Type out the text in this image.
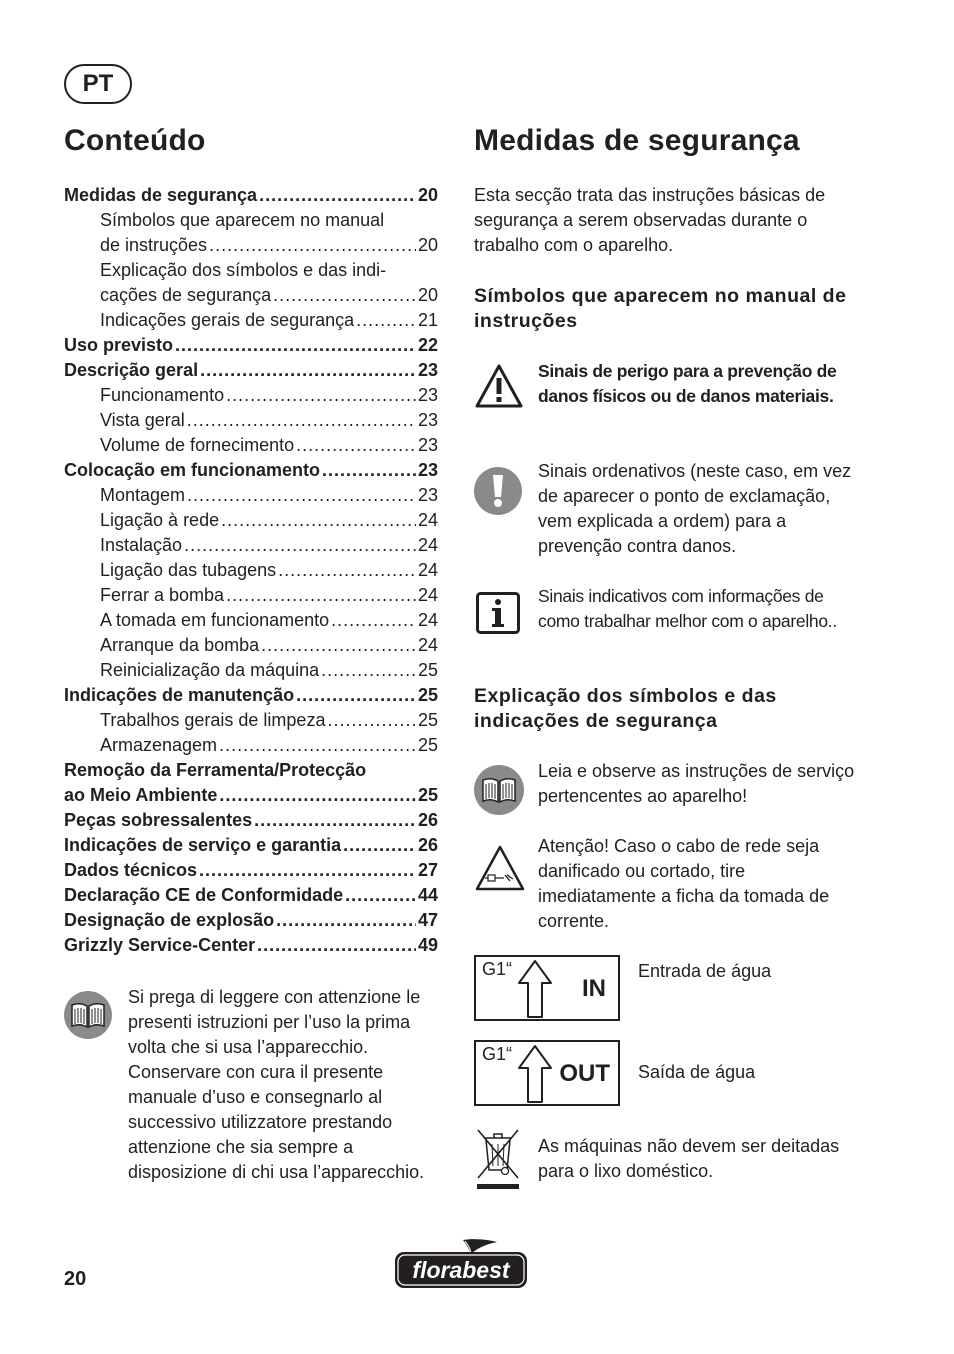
PT
Conteúdo	Medidas de segurança
Medidas de segurança .....	20
Símbolos que aparecem no manual
de instruções .....	20
Explicação dos símbolos e das indi-
cações de segurança .....	20
Indicações gerais de segurança .....	21
Uso previsto .....	22
Descrição geral .....	23
Funcionamento .....	23
Vista geral .....	23
Volume de fornecimento .....	23
Colocação em funcionamento .....	23
Montagem .....	23
Ligação à rede .....	24
Instalação .....	24
Ligação das tubagens .....	24
Ferrar a bomba .....	24
A tomada em funcionamento .....	24
Arranque da bomba .....	24
Reinicialização da máquina .....	25
Indicações de manutenção .....	25
Trabalhos gerais de limpeza .....	25
Armazenagem .....	25
Remoção da Ferramenta/Protecção
ao Meio Ambiente .....	25
Peças sobressalentes .....	26
Indicações de serviço e garantia .....	26
Dados técnicos .....	27
Declaração CE de Conformidade .....	44
Designação de explosão .....	47
Grizzly Service-Center .....	49
Si prega di leggere con attenzione le presenti istruzioni per l’uso la prima volta che si usa l’apparecchio. Conservare con cura il presente manuale d’uso e consegnarlo al successivo utilizzatore prestando attenzione che sia sempre a disposizione di chi usa l’apparecchio.
Esta secção trata das instruções básicas de segurança a serem observadas durante o trabalho com o aparelho.
Símbolos que aparecem no manual de instruções
Sinais de perigo para a prevenção de danos físicos ou de danos materiais.
Sinais ordenativos (neste caso, em vez de aparecer o ponto de exclamação, vem explicada a ordem) para a prevenção contra danos.
Sinais indicativos com informações de como trabalhar melhor com o aparelho..
Explicação dos símbolos e das indicações de segurança
Leia e observe as instruções de serviço pertencentes ao aparelho!
Atenção! Caso o cabo de rede seja danificado ou cortado, tire imediatamente a ficha da tomada de corrente.
G1“
IN
Entrada de água
G1“
OUT Saída de água
As máquinas não devem ser deitadas para o lixo doméstico.
20	florabest
